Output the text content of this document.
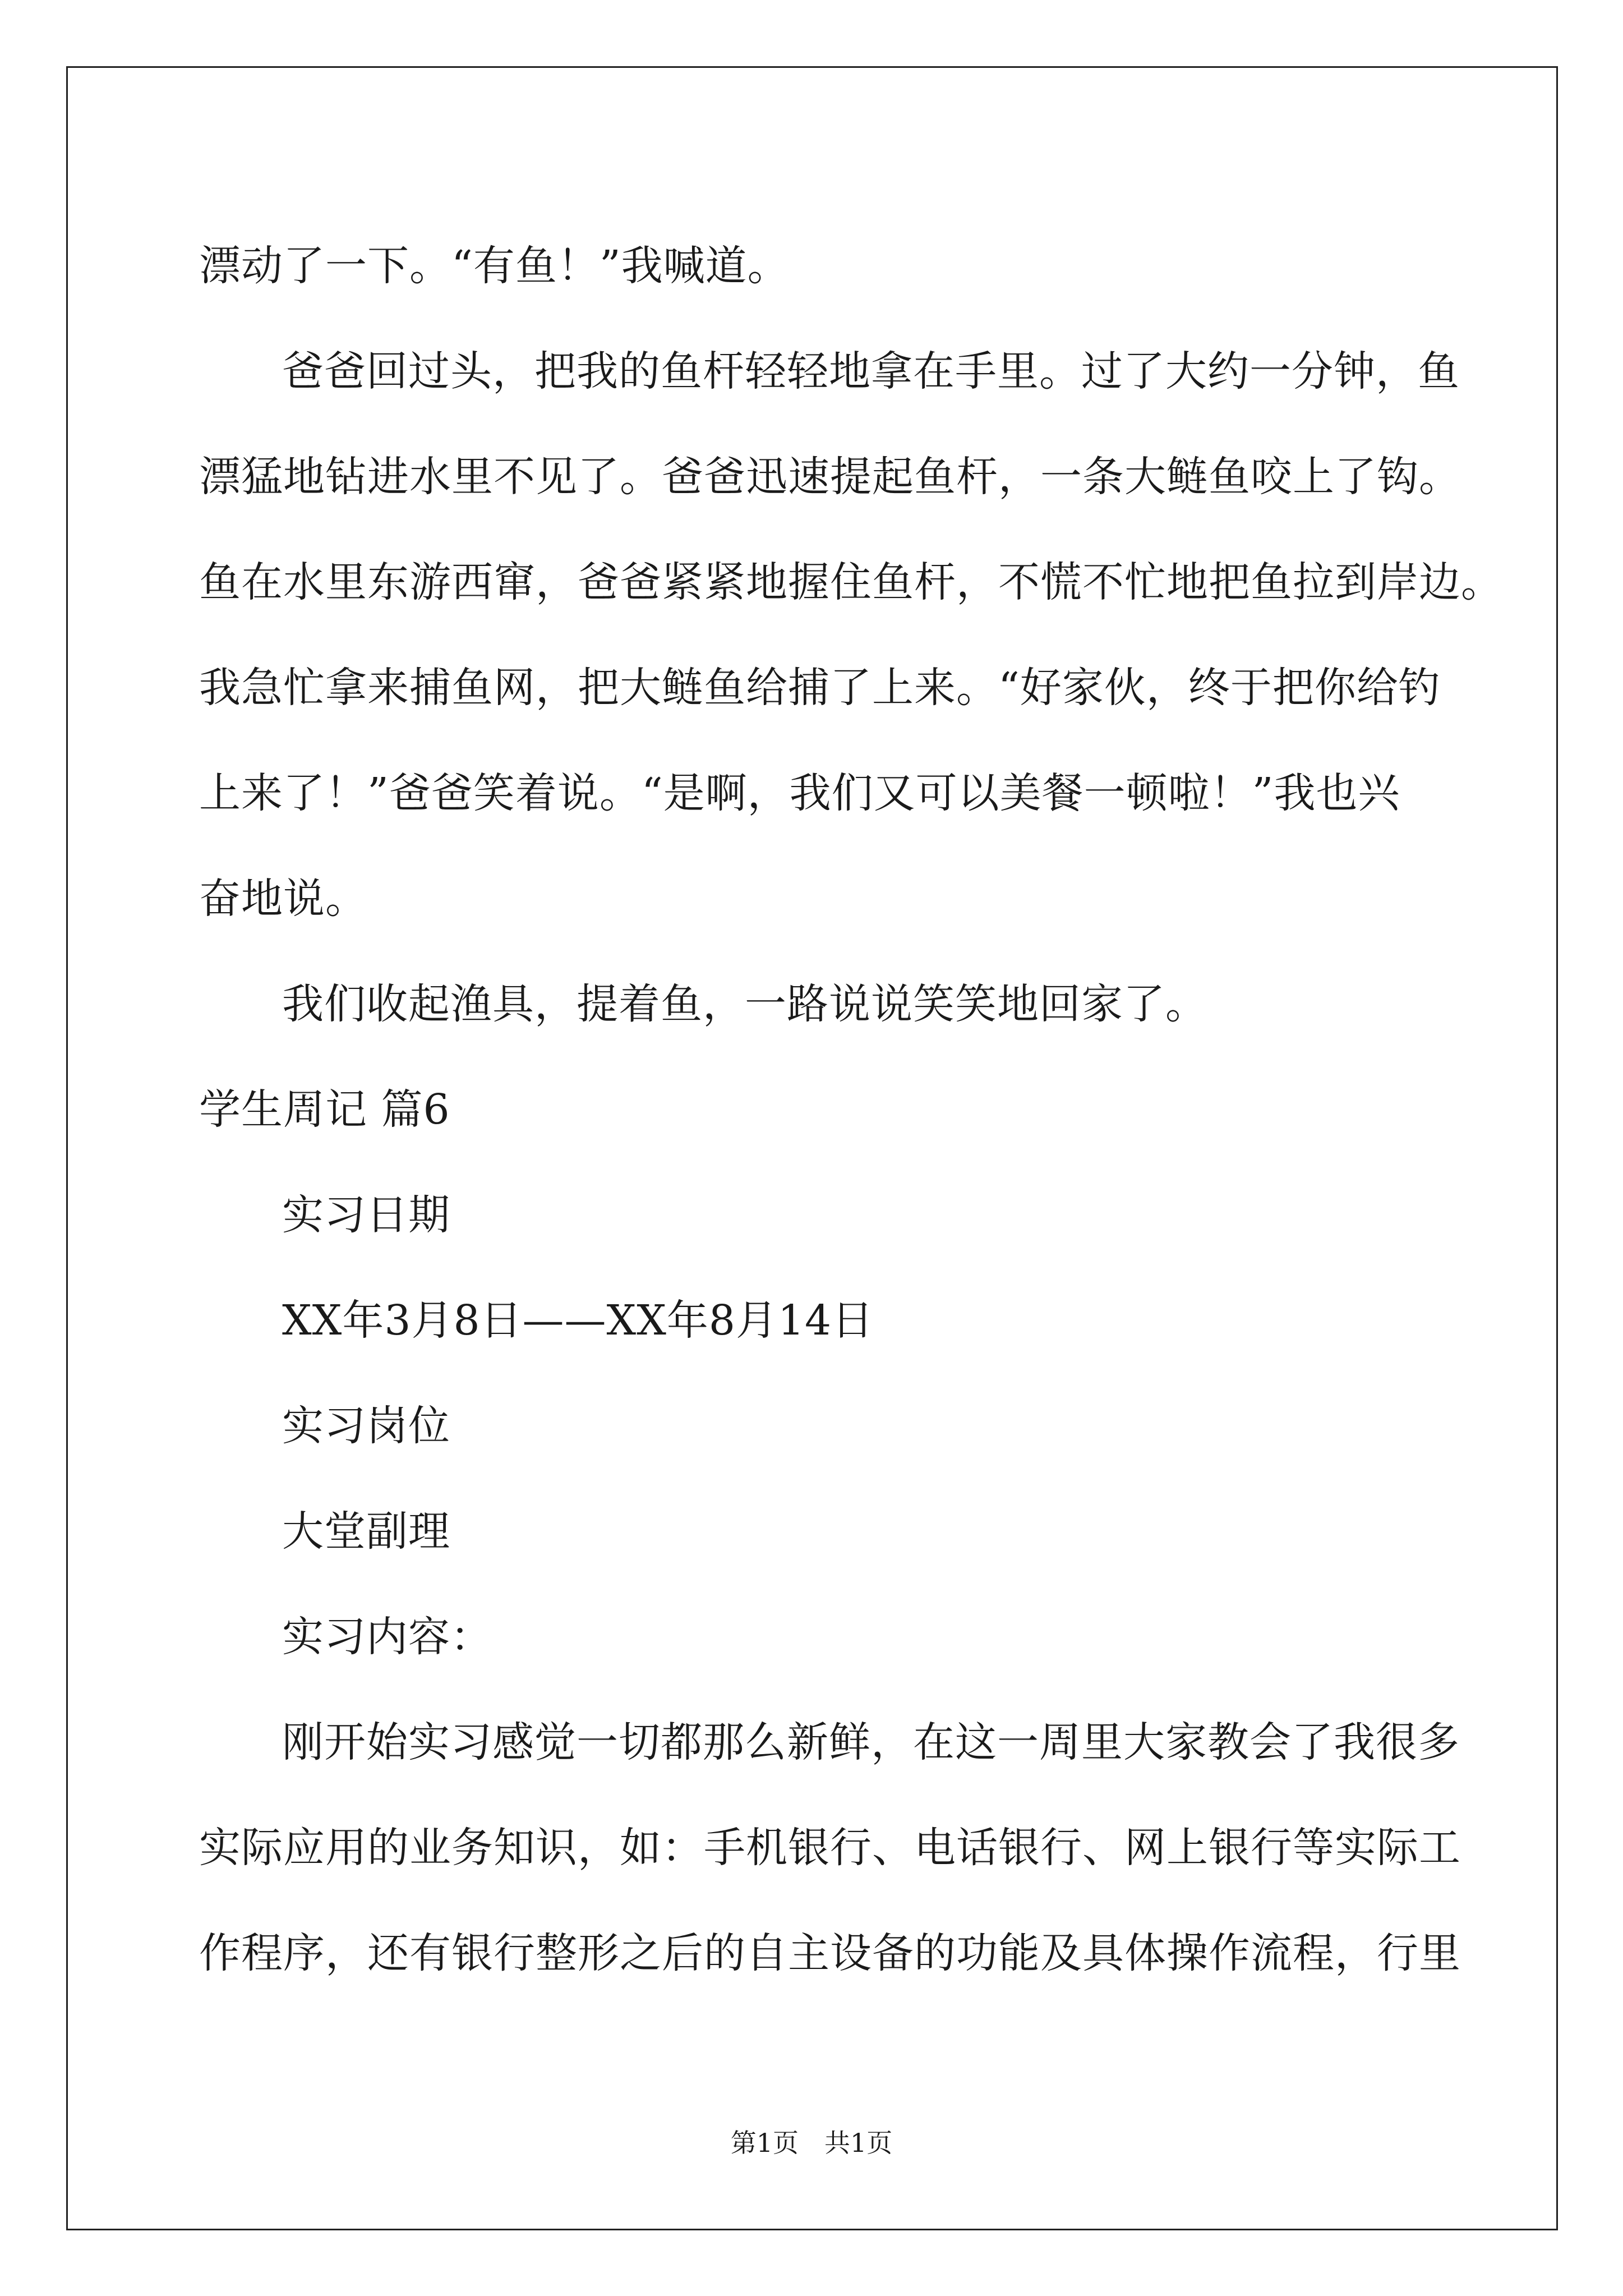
漂动了一下。“有鱼！”我喊道。
爸爸回过头，把我的鱼杆轻轻地拿在手里。过了大约一分钟，鱼
漂猛地钻进水里不见了。爸爸迅速提起鱼杆，一条大鲢鱼咬上了钩。
鱼在水里东游西窜，爸爸紧紧地握住鱼杆，不慌不忙地把鱼拉到岸边。
我急忙拿来捕鱼网，把大鲢鱼给捕了上来。“好家伙，终于把你给钓
上来了！”爸爸笑着说。“是啊，我们又可以美餐一顿啦！”我也兴
奋地说。
我们收起渔具，提着鱼，一路说说笑笑地回家了。
学生周记 篇6
实习日期
XX年3月8日——XX年8月14日
实习岗位
大堂副理
实习内容：
刚开始实习感觉一切都那么新鲜，在这一周里大家教会了我很多
实际应用的业务知识，如：手机银行、电话银行、网上银行等实际工
作程序，还有银行整形之后的自主设备的功能及具体操作流程，行里
第1页　共1页
